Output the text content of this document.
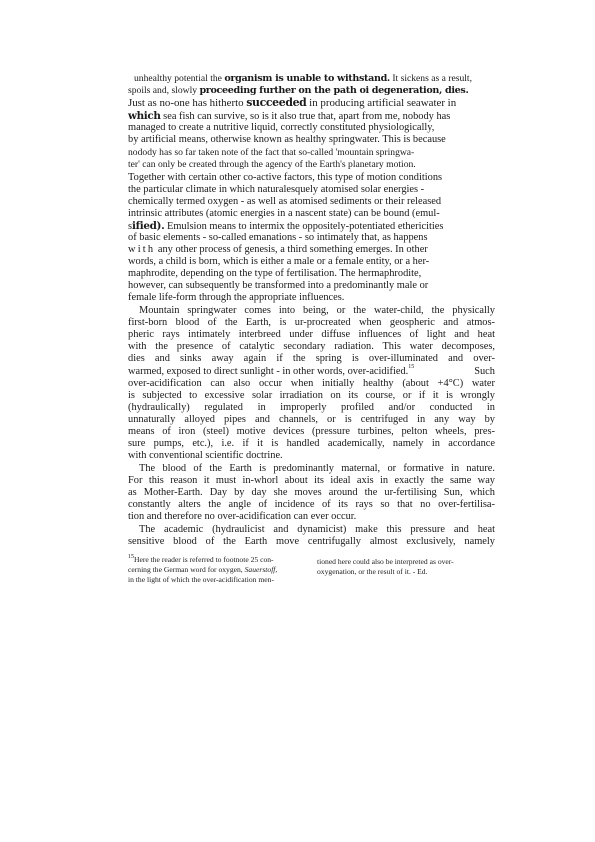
unhealthy potential the organism is unable to withstand. It sickens as a result,
spoils and, slowly proceeding further on the path oi degeneration, dies.
Just as no-one has hitherto succeeded in producing artificial seawater in
which sea fish can survive, so is it also true that, apart from me, nobody has
managed to create a nutritive liquid, correctly constituted physiologically,
by artificial means, otherwise known as healthy springwater. This is because
nodody has so far taken note of the fact that so-called 'mountain springwa-
ter' can only be created through the agency of the Earth's planetary motion.
Together with certain other co-active factors, this type of motion conditions
the particular climate in which naturalesquely atomised solar energies -
chemically termed oxygen - as well as atomised sediments or their released
intrinsic attributes (atomic energies in a nascent state) can be bound (emul-
sified). Emulsion means to intermix the oppositely-potentiated ethericities
of basic elements - so-called emanations - so intimately that, as happens
with any other process of genesis, a third something emerges. In other
words, a child is born, which is either a male or a female entity, or a her-
maphrodite, depending on the type of fertilisation. The hermaphrodite,
however, can subsequently be transformed into a predominantly male or
female life-form through the appropriate influences.
Mountain springwater comes into being, or the water-child, the physically
first-born blood of the Earth, is ur-procreated when geospheric and atmos-
pheric rays intimately interbreed under diffuse influences of light and heat
with the presence of catalytic secondary radiation. This water decomposes,
dies and sinks away again if the spring is over-illuminated and over-
warmed, exposed to direct sunlight - in other words, over-acidified.$^{15}$	Such
over-acidification can also occur when initially healthy (about +4°C) water
is subjected to excessive solar irradiation on its course, or if it is wrongly
(hydraulically) regulated in improperly profiled and/or conducted in
unnaturally alloyed pipes and channels, or is centrifuged in any way by
means of iron (steel) motive devices (pressure turbines, pelton wheels, pres-
sure pumps, etc.), i.e. if it is handled academically, namely in accordance
with conventional scientific doctrine.
The blood of the Earth is predominantly maternal, or formative in nature.
For this reason it must in-whorl about its ideal axis in exactly the same way
as Mother-Earth. Day by day she moves around the ur-fertilising Sun, which
constantly alters the angle of incidence of its rays so that no over-fertilisa-
tion and therefore no over-acidification can ever occur.
The academic (hydraulicist and dynamicist) make this pressure and heat
sensitive blood of the Earth move centrifugally almost exclusively, namely
$^{15}$Here the reader is referred to footnote 25 con-
cerning the German word for oxygen, Sauerstoff,
in the light of which the over-acidification men-
tioned here could also be interpreted as over-
oxygenation, or the result of it. - Ed.
